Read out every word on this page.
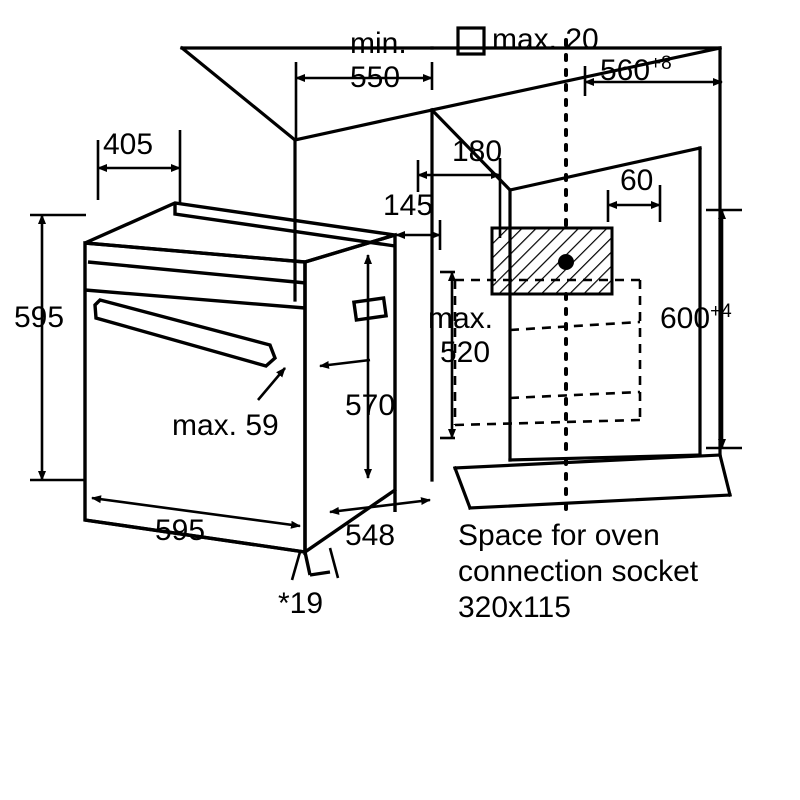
min.
550
max. 20
$560^{+8}$
405	180
145
60
595
570
max.
520
$600^{+4}$
max. 59
595	548
*19
Space for oven
connection socket
320x115
